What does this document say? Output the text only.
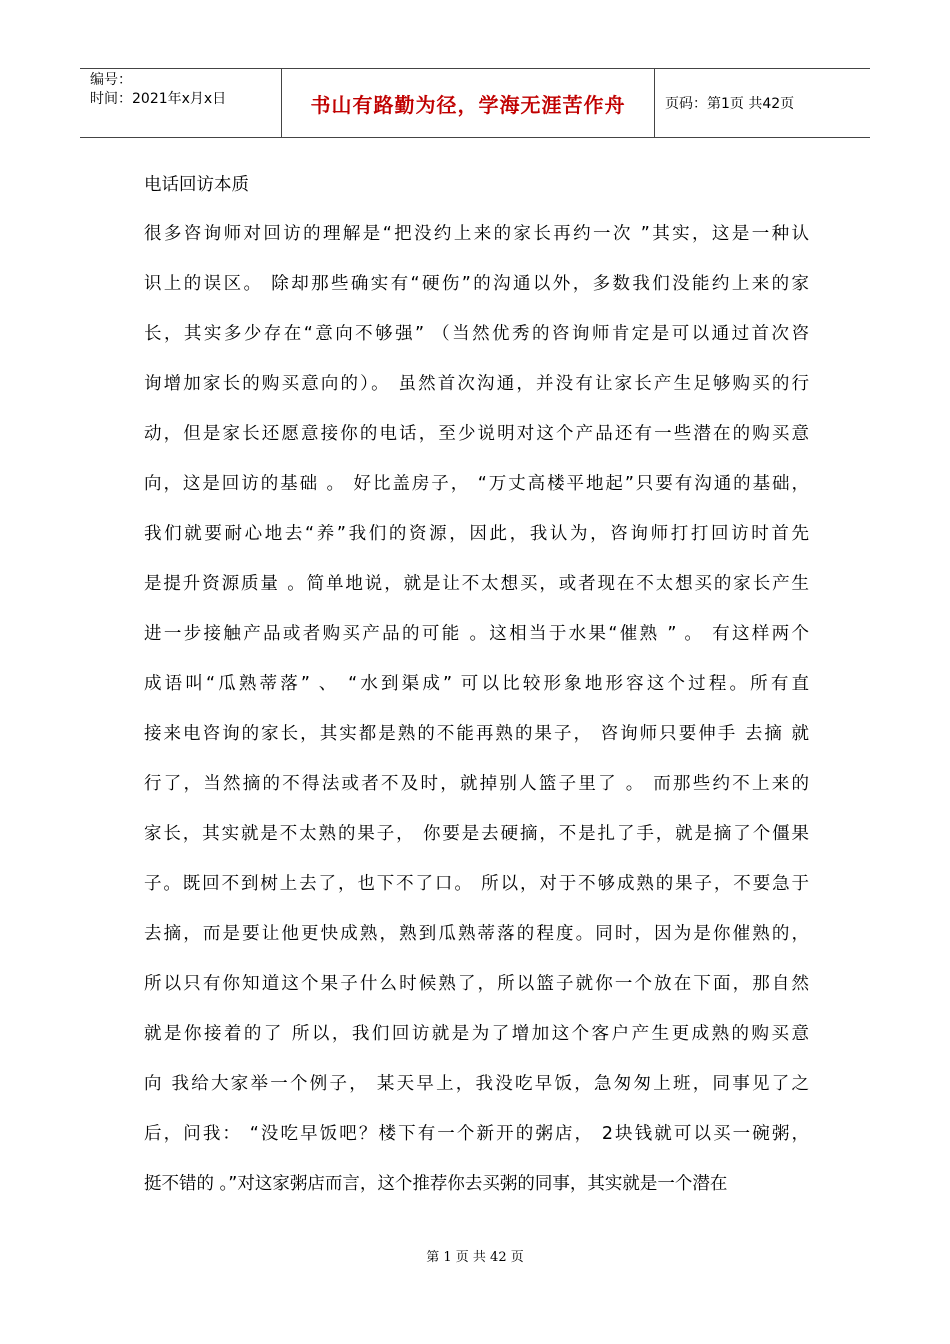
编号：
时间：2021年x月x日	书山有路勤为径，学海无涯苦作舟	页码：第1页 共42页
电话回访本质
很多咨询师对回访的理解是“把没约上来的家长再约一次 ”其实，这是一种认
识上的误区。 除却那些确实有“硬伤”的沟通以外，多数我们没能约上来的家
长，其实多少存在“意向不够强” （当然优秀的咨询师肯定是可以通过首次咨
询增加家长的购买意向的）。 虽然首次沟通，并没有让家长产生足够购买的行
动，但是家长还愿意接你的电话，至少说明对这个产品还有一些潜在的购买意
向，这是回访的基础 。 好比盖房子， “万丈高楼平地起”只要有沟通的基础，
我们就要耐心地去“养”我们的资源，因此，我认为，咨询师打打回访时首先
是提升资源质量 。简单地说，就是让不太想买，或者现在不太想买的家长产生
进一步接触产品或者购买产品的可能 。这相当于水果“催熟 ” 。 有这样两个
成语叫“瓜熟蒂落” 、 “水到渠成” 可以比较形象地形容这个过程。所有直
接来电咨询的家长，其实都是熟的不能再熟的果子， 咨询师只要伸手 去摘 就
行了，当然摘的不得法或者不及时，就掉别人篮子里了 。 而那些约不上来的
家长，其实就是不太熟的果子， 你要是去硬摘，不是扎了手，就是摘了个僵果
子。既回不到树上去了，也下不了口。 所以，对于不够成熟的果子，不要急于
去摘，而是要让他更快成熟，熟到瓜熟蒂落的程度。同时，因为是你催熟的，
所以只有你知道这个果子什么时候熟了，所以篮子就你一个放在下面，那自然
就是你接着的了 所以，我们回访就是为了增加这个客户产生更成熟的购买意
向 我给大家举一个例子， 某天早上，我没吃早饭，急匆匆上班，同事见了之
后，问我： “没吃早饭吧？楼下有一个新开的粥店， 2块钱就可以买一碗粥，
挺不错的 。”对这家粥店而言，这个推荐你去买粥的同事，其实就是一个潜在
第 1 页 共 42 页
